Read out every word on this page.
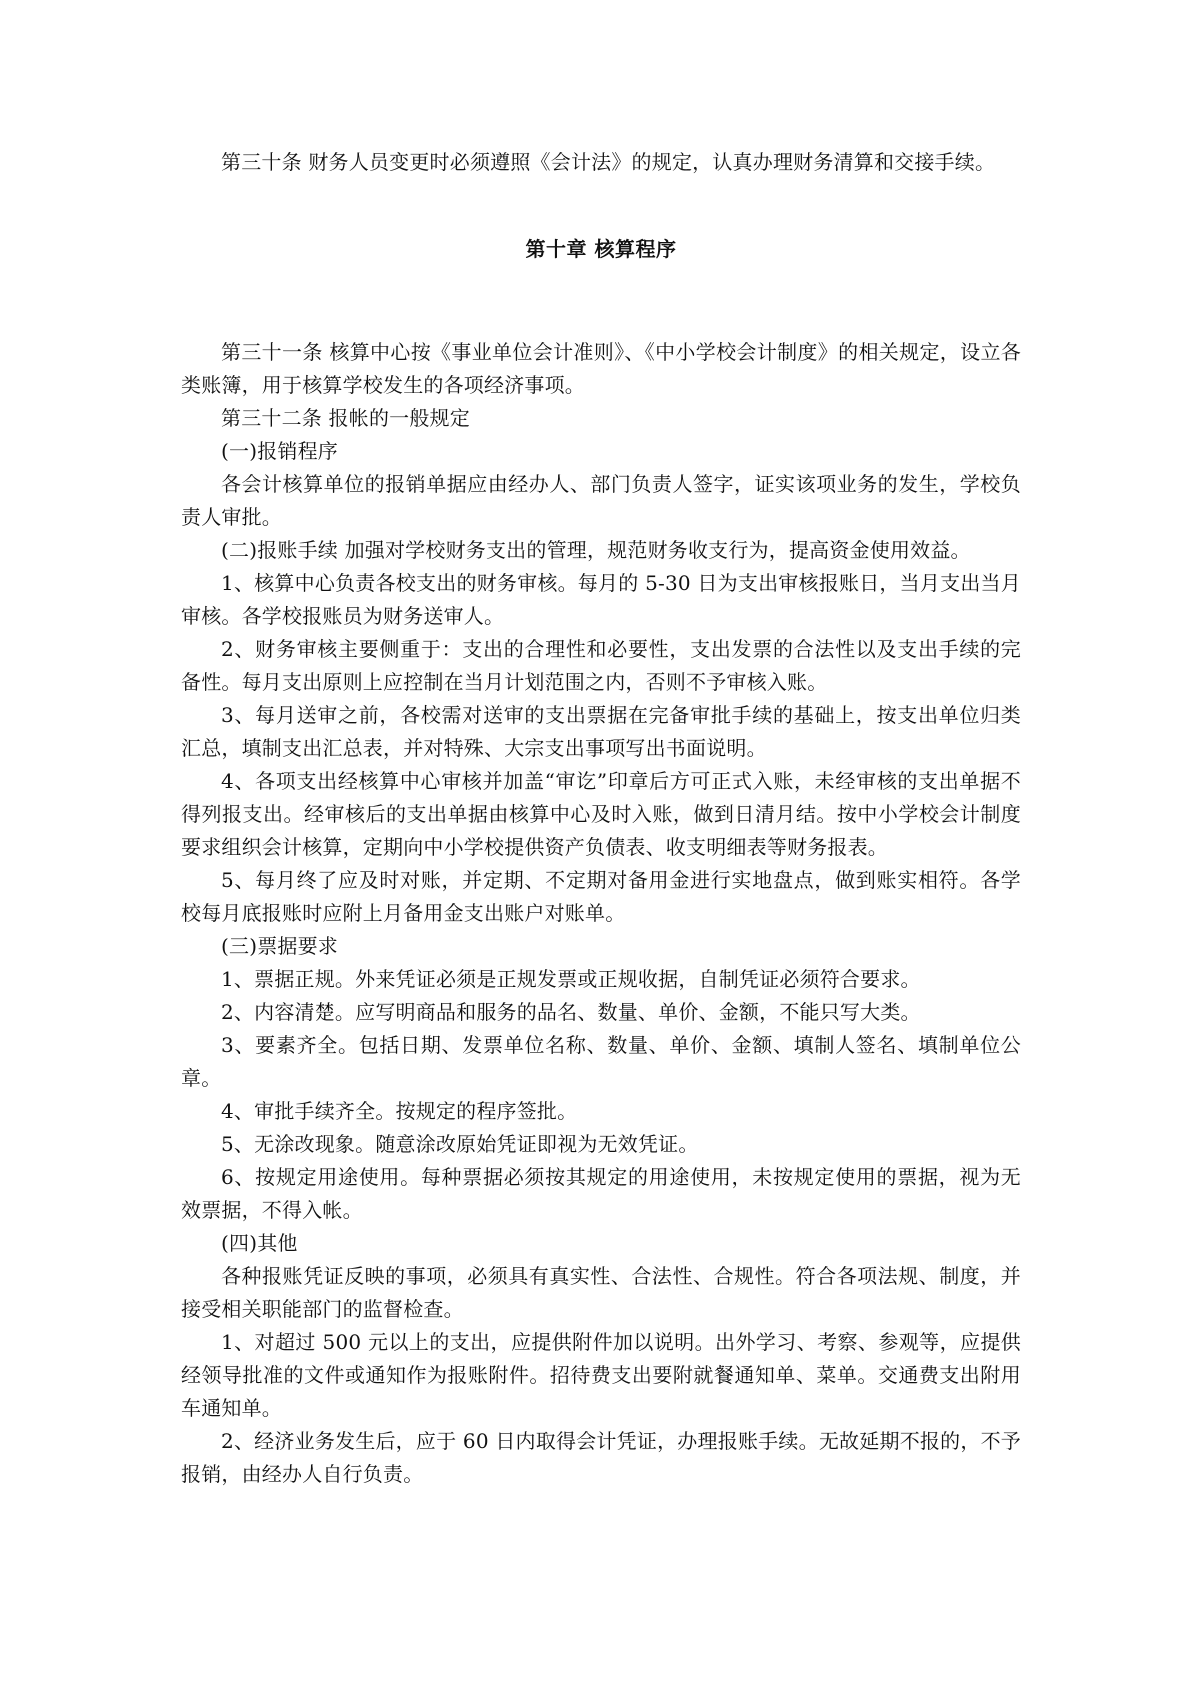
第三十条 财务人员变更时必须遵照《会计法》的规定，认真办理财务清算和交接手续。

第十章 核算程序

第三十一条 核算中心按《事业单位会计准则》、《中小学校会计制度》的相关规定，设立各类账簿，用于核算学校发生的各项经济事项。

第三十二条 报帐的一般规定

(一)报销程序

各会计核算单位的报销单据应由经办人、部门负责人签字，证实该项业务的发生，学校负责人审批。

(二)报账手续 加强对学校财务支出的管理，规范财务收支行为，提高资金使用效益。

1、核算中心负责各校支出的财务审核。每月的 5-30 日为支出审核报账日，当月支出当月审核。各学校报账员为财务送审人。

2、财务审核主要侧重于：支出的合理性和必要性，支出发票的合法性以及支出手续的完备性。每月支出原则上应控制在当月计划范围之内，否则不予审核入账。

3、每月送审之前，各校需对送审的支出票据在完备审批手续的基础上，按支出单位归类汇总，填制支出汇总表，并对特殊、大宗支出事项写出书面说明。

4、各项支出经核算中心审核并加盖“审讫”印章后方可正式入账，未经审核的支出单据不得列报支出。经审核后的支出单据由核算中心及时入账，做到日清月结。按中小学校会计制度要求组织会计核算，定期向中小学校提供资产负债表、收支明细表等财务报表。

5、每月终了应及时对账，并定期、不定期对备用金进行实地盘点，做到账实相符。各学校每月底报账时应附上月备用金支出账户对账单。

(三)票据要求

1、票据正规。外来凭证必须是正规发票或正规收据，自制凭证必须符合要求。

2、内容清楚。应写明商品和服务的品名、数量、单价、金额，不能只写大类。

3、要素齐全。包括日期、发票单位名称、数量、单价、金额、填制人签名、填制单位公章。

4、审批手续齐全。按规定的程序签批。

5、无涂改现象。随意涂改原始凭证即视为无效凭证。

6、按规定用途使用。每种票据必须按其规定的用途使用，未按规定使用的票据，视为无效票据，不得入帐。

(四)其他

各种报账凭证反映的事项，必须具有真实性、合法性、合规性。符合各项法规、制度，并接受相关职能部门的监督检查。

1、对超过 500 元以上的支出，应提供附件加以说明。出外学习、考察、参观等，应提供经领导批准的文件或通知作为报账附件。招待费支出要附就餐通知单、菜单。交通费支出附用车通知单。

2、经济业务发生后，应于 60 日内取得会计凭证，办理报账手续。无故延期不报的，不予报销，由经办人自行负责。
